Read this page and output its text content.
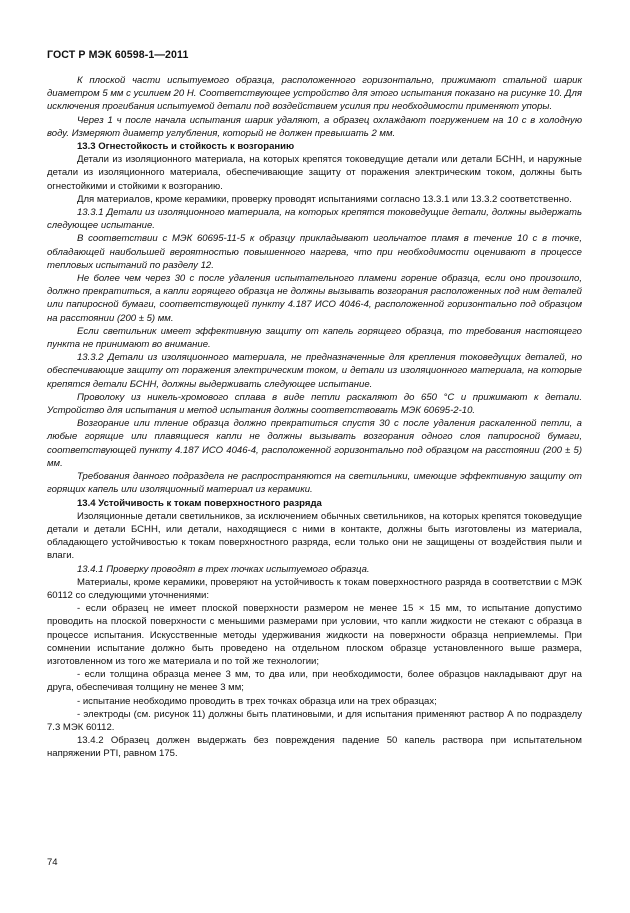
ГОСТ Р МЭК 60598-1—2011

К плоской части испытуемого образца, расположенного горизонтально, прижимают стальной шарик диаметром 5 мм с усилием 20 Н. Соответствующее устройство для этого испытания показано на рисунке 10. Для исключения прогибания испытуемой детали под воздействием усилия при необходимости применяют упоры.

Через 1 ч после начала испытания шарик удаляют, а образец охлаждают погружением на 10 с в холодную воду. Измеряют диаметр углубления, который не должен превышать 2 мм.

13.3 Огнестойкость и стойкость к возгоранию

Детали из изоляционного материала, на которых крепятся токоведущие детали или детали БСНН, и наружные детали из изоляционного материала, обеспечивающие защиту от поражения электрическим током, должны быть огнестойкими и стойкими к возгоранию.

Для материалов, кроме керамики, проверку проводят испытаниями согласно 13.3.1 или 13.3.2 соответственно.

13.3.1 Детали из изоляционного материала, на которых крепятся токоведущие детали, должны выдержать следующее испытание.

В соответствии с МЭК 60695-11-5 к образцу прикладывают игольчатое пламя в течение 10 с в точке, обладающей наибольшей вероятностью повышенного нагрева, что при необходимости оценивают в процессе тепловых испытаний по разделу 12.

Не более чем через 30 с после удаления испытательного пламени горение образца, если оно произошло, должно прекратиться, а капли горящего образца не должны вызывать возгорания расположенных под ним деталей или папиросной бумаги, соответствующей пункту 4.187 ИСО 4046-4, расположенной горизонтально под образцом на расстоянии (200 ± 5) мм.

Если светильник имеет эффективную защиту от капель горящего образца, то требования настоящего пункта не принимают во внимание.

13.3.2 Детали из изоляционного материала, не предназначенные для крепления токоведущих деталей, но обеспечивающие защиту от поражения электрическим током, и детали из изоляционного материала, на которые крепятся детали БСНН, должны выдерживать следующее испытание.

Проволоку из никель-хромового сплава в виде петли раскаляют до 650 °С и прижимают к детали. Устройство для испытания и метод испытания должны соответствовать МЭК 60695-2-10.

Возгорание или тление образца должно прекратиться спустя 30 с после удаления раскаленной петли, а любые горящие или плавящиеся капли не должны вызывать возгорания одного слоя папиросной бумаги, соответствующей пункту 4.187 ИСО 4046-4, расположенной горизонтально под образцом на расстоянии (200 ± 5) мм.

Требования данного подраздела не распространяются на светильники, имеющие эффективную защиту от горящих капель или изоляционный материал из керамики.

13.4 Устойчивость к токам поверхностного разряда

Изоляционные детали светильников, за исключением обычных светильников, на которых крепятся токоведущие детали и детали БСНН, или детали, находящиеся с ними в контакте, должны быть изготовлены из материала, обладающего устойчивостью к токам поверхностного разряда, если только они не защищены от воздействия пыли и влаги.

13.4.1 Проверку проводят в трех точках испытуемого образца.

Материалы, кроме керамики, проверяют на устойчивость к токам поверхностного разряда в соответствии с МЭК 60112 со следующими уточнениями:

- если образец не имеет плоской поверхности размером не менее 15 × 15 мм, то испытание допустимо проводить на плоской поверхности с меньшими размерами при условии, что капли жидкости не стекают с образца в процессе испытания. Искусственные методы удерживания жидкости на поверхности образца неприемлемы. При сомнении испытание должно быть проведено на отдельном плоском образце установленного выше размера, изготовленном из того же материала и по той же технологии;

- если толщина образца менее 3 мм, то два или, при необходимости, более образцов накладывают друг на друга, обеспечивая толщину не менее 3 мм;

- испытание необходимо проводить в трех точках образца или на трех образцах;

- электроды (см. рисунок 11) должны быть платиновыми, и для испытания применяют раствор А по подразделу 7.3 МЭК 60112.

13.4.2 Образец должен выдержать без повреждения падение 50 капель раствора при испытательном напряжении PTI, равном 175.

74
